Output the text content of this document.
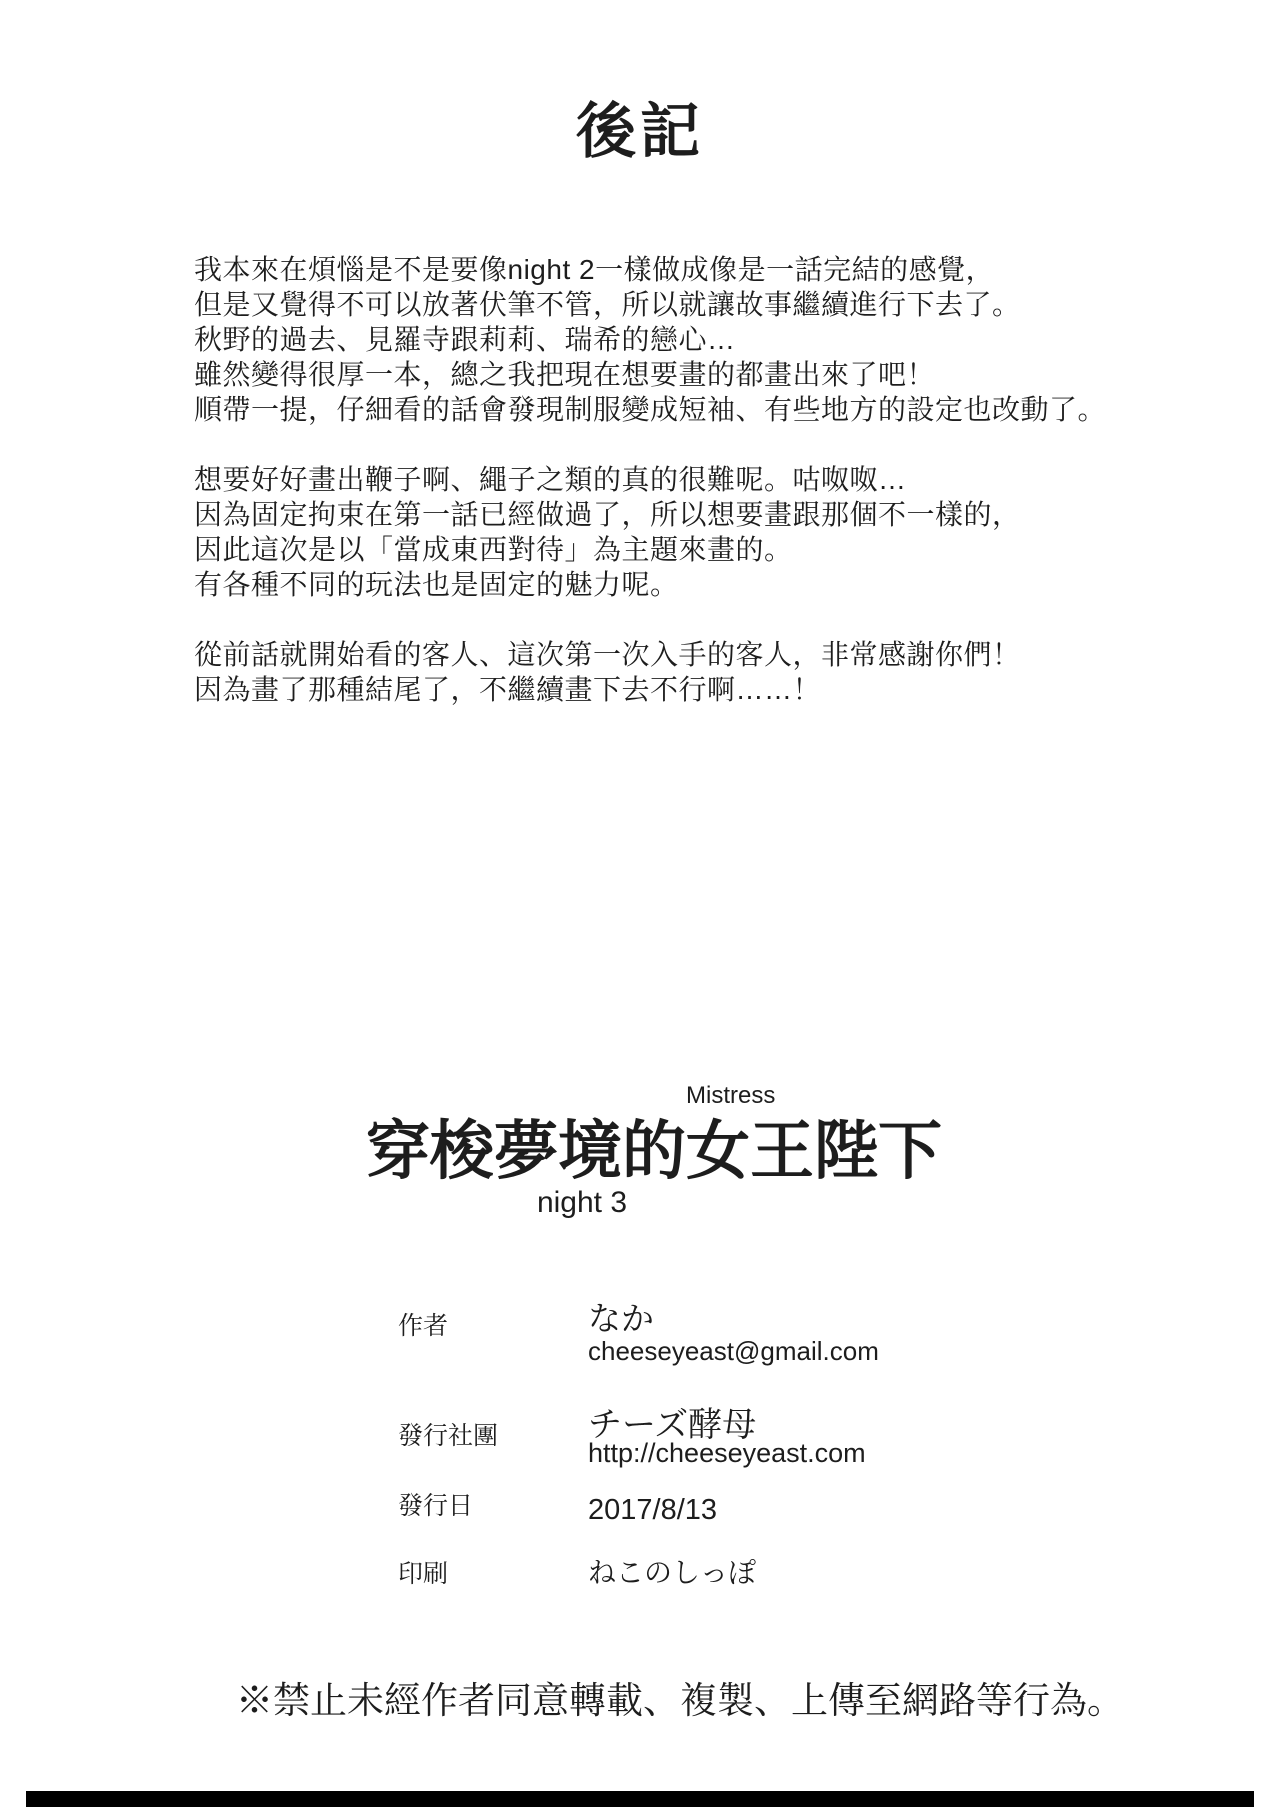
後記

我本來在煩惱是不是要像night 2一樣做成像是一話完結的感覺，
但是又覺得不可以放著伏筆不管，所以就讓故事繼續進行下去了。
秋野的過去、見羅寺跟莉莉、瑞希的戀心…
雖然變得很厚一本，總之我把現在想要畫的都畫出來了吧！
順帶一提，仔細看的話會發現制服變成短袖、有些地方的設定也改動了。

想要好好畫出鞭子啊、繩子之類的真的很難呢。咕呶呶…
因為固定拘束在第一話已經做過了，所以想要畫跟那個不一樣的，
因此這次是以「當成東西對待」為主題來畫的。
有各種不同的玩法也是固定的魅力呢。

從前話就開始看的客人、這次第一次入手的客人，非常感謝你們！
因為畫了那種結尾了，不繼續畫下去不行啊……！

Mistress
穿梭夢境的女王陛下
night 3
作者	なか
cheeseyeast@gmail.com
發行社團	チーズ酵母
http://cheeseyeast.com
發行日	2017/8/13
印刷	ねこのしっぽ
※禁止未經作者同意轉載、複製、上傳至網路等行為。
